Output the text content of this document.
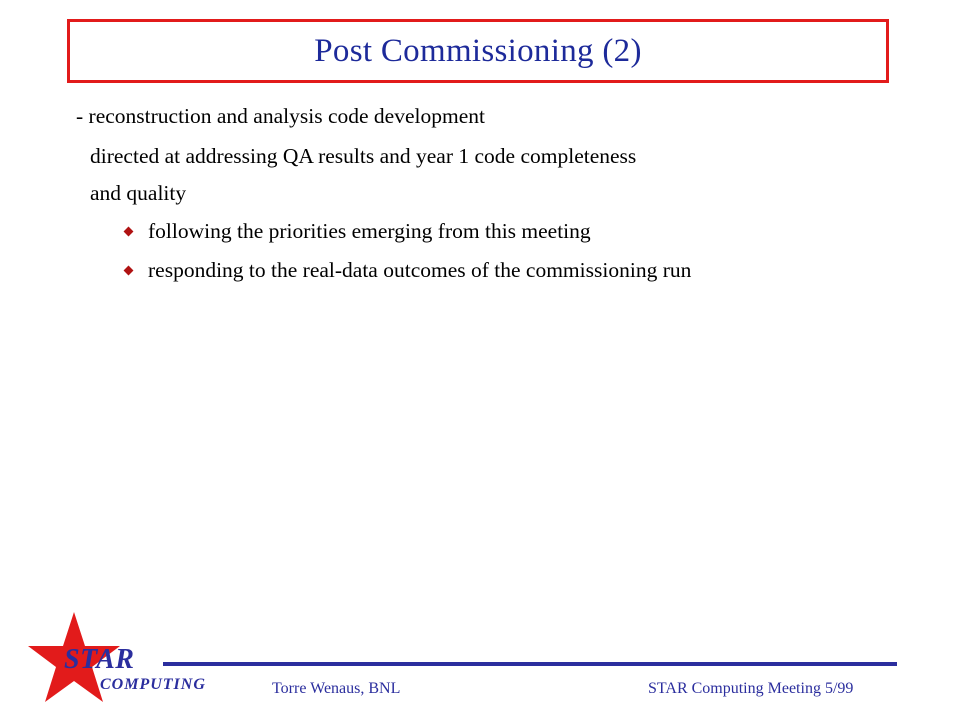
Post Commissioning (2)
- reconstruction and analysis code development
directed at addressing QA results and year 1 code completeness
and quality
following the priorities emerging from this meeting
responding to the real-data outcomes of the commissioning run
STAR
COMPUTING	Torre Wenaus, BNL	STAR Computing Meeting 5/99
